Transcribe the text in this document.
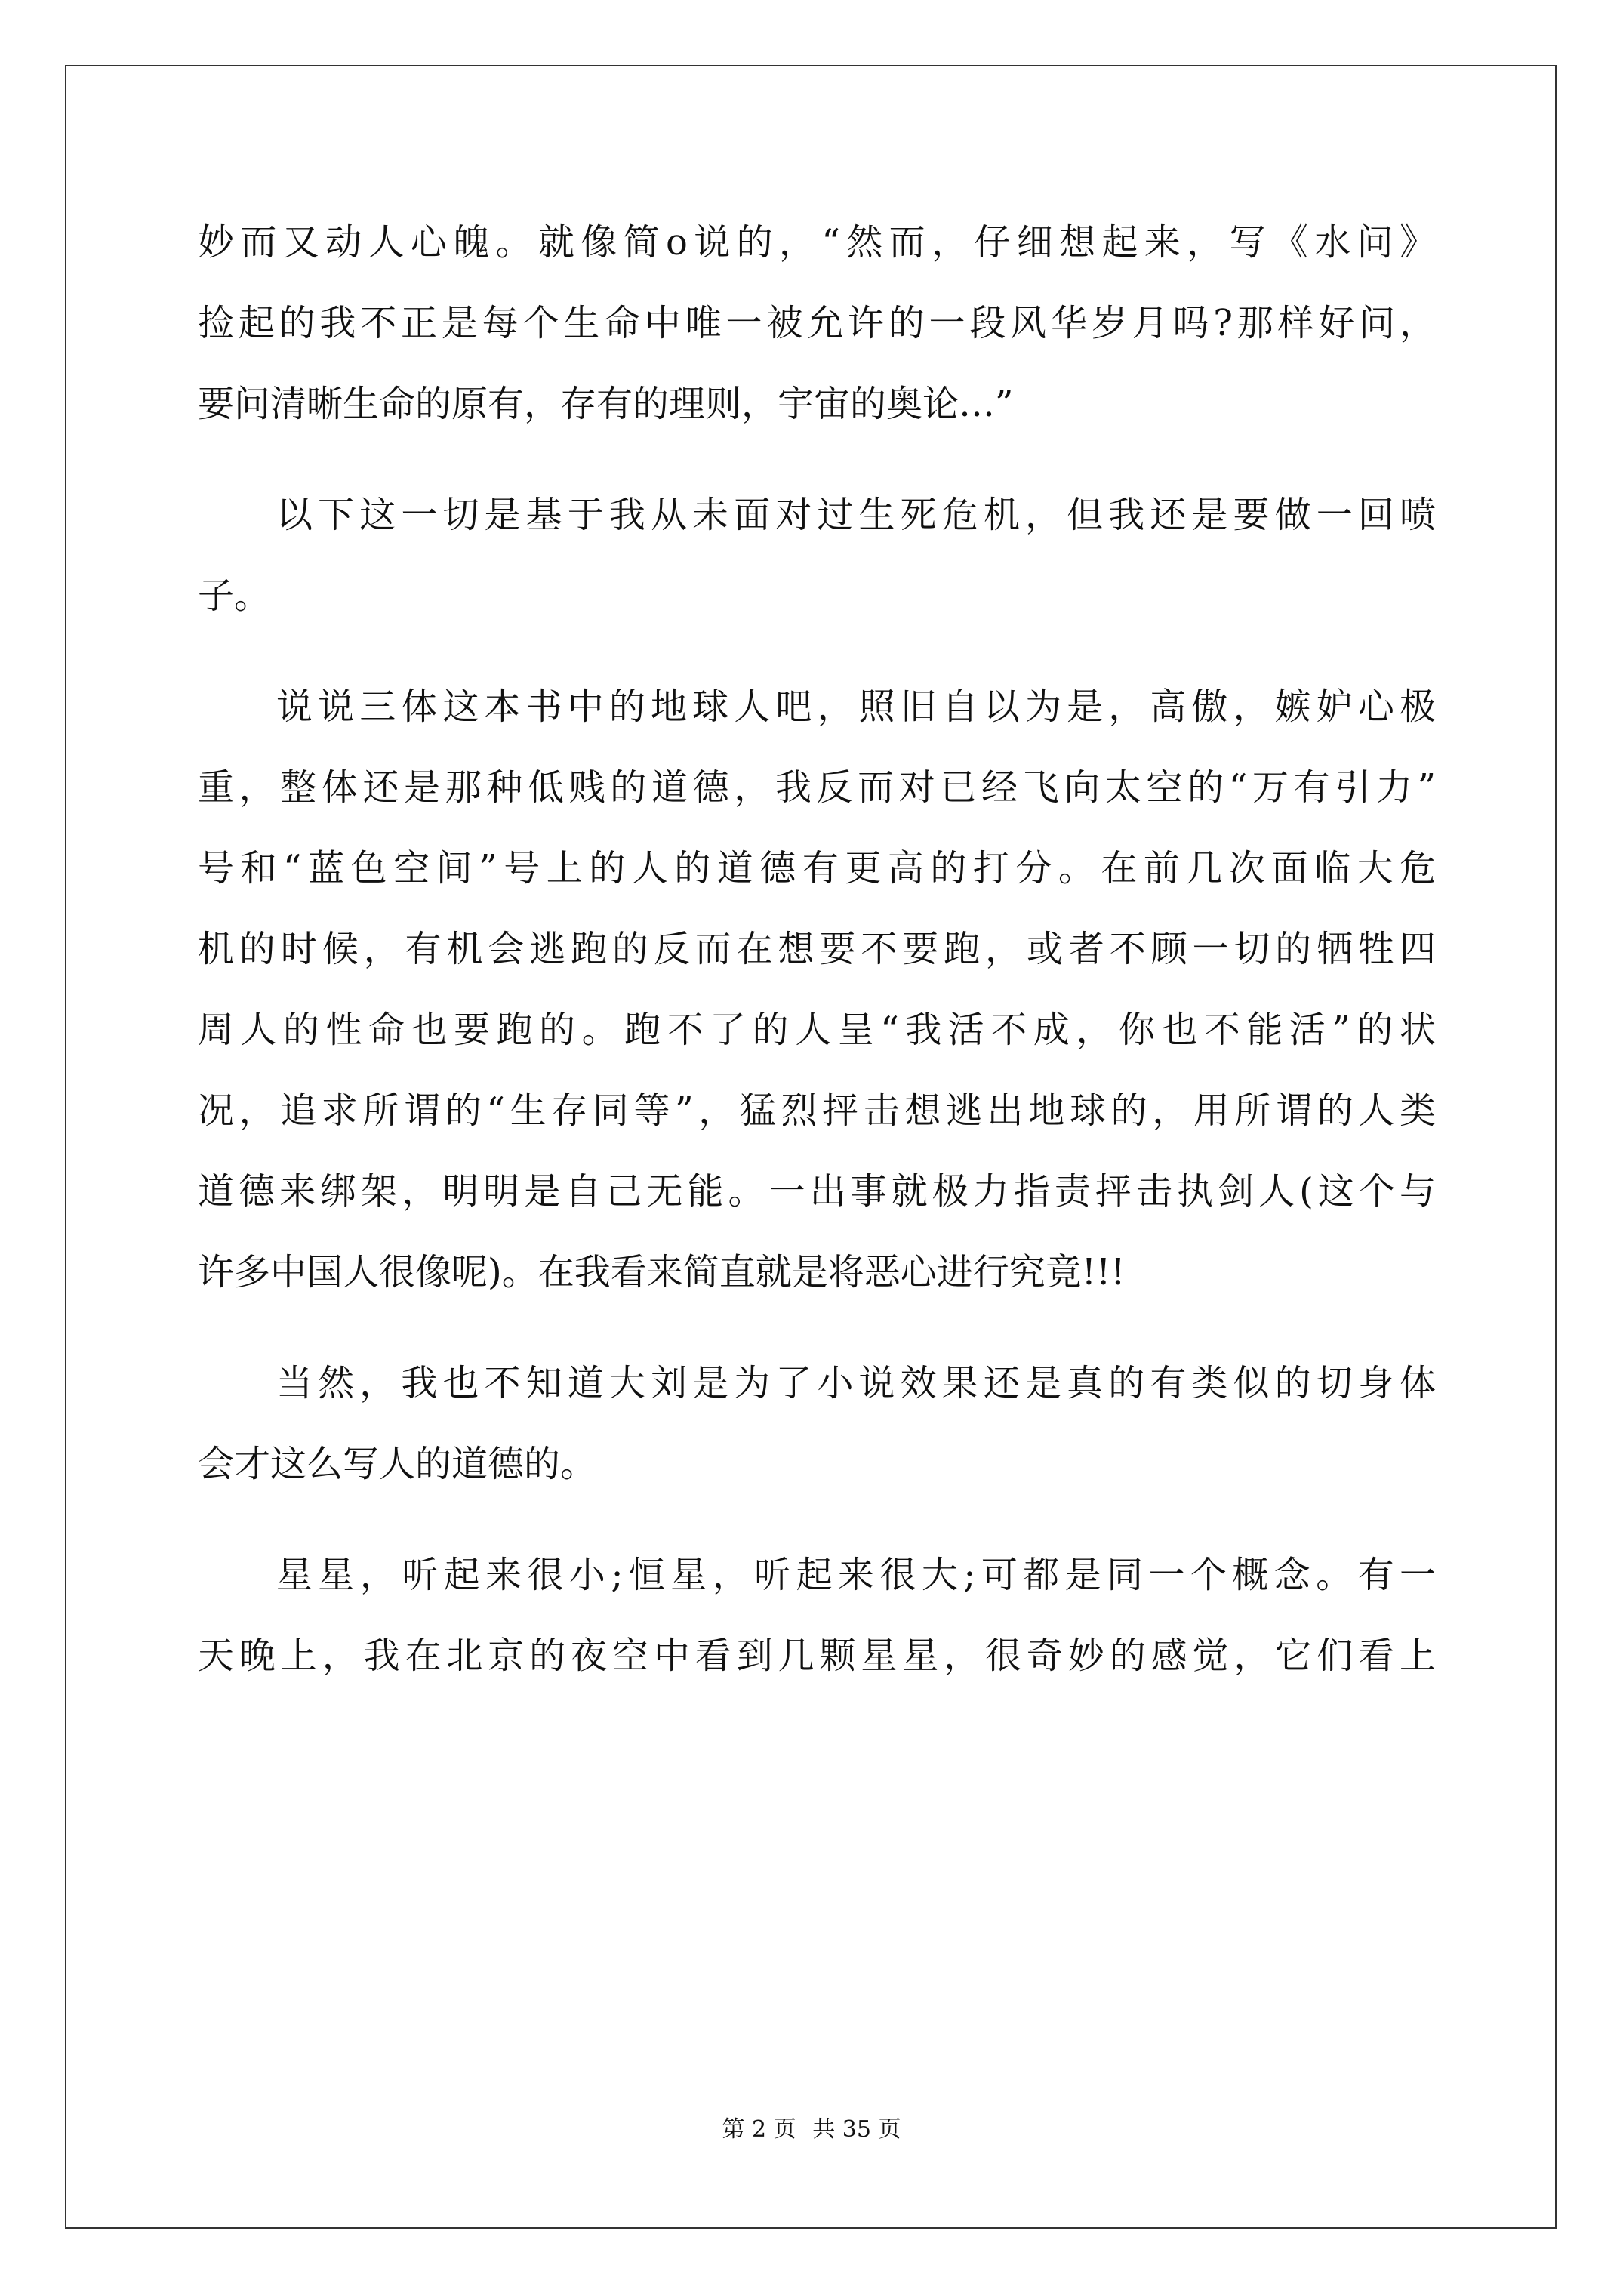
妙而又动人心魄。就像简o说的，“然而，仔细想起来，写《水问》
捡起的我不正是每个生命中唯一被允许的一段风华岁月吗?那样好问，
要问清晰生命的原有，存有的理则，宇宙的奥论…”
以下这一切是基于我从未面对过生死危机，但我还是要做一回喷
子。
说说三体这本书中的地球人吧，照旧自以为是，高傲，嫉妒心极
重，整体还是那种低贱的道德，我反而对已经飞向太空的“万有引力”
号和“蓝色空间”号上的人的道德有更高的打分。在前几次面临大危
机的时候，有机会逃跑的反而在想要不要跑，或者不顾一切的牺牲四
周人的性命也要跑的。跑不了的人呈“我活不成，你也不能活”的状
况，追求所谓的“生存同等”，猛烈抨击想逃出地球的，用所谓的人类
道德来绑架，明明是自己无能。一出事就极力指责抨击执剑人(这个与
许多中国人很像呢)。在我看来简直就是将恶心进行究竟!!!
当然，我也不知道大刘是为了小说效果还是真的有类似的切身体
会才这么写人的道德的。
星星，听起来很小;恒星，听起来很大;可都是同一个概念。有一
天晚上，我在北京的夜空中看到几颗星星，很奇妙的感觉，它们看上
第 2 页 共 35 页
